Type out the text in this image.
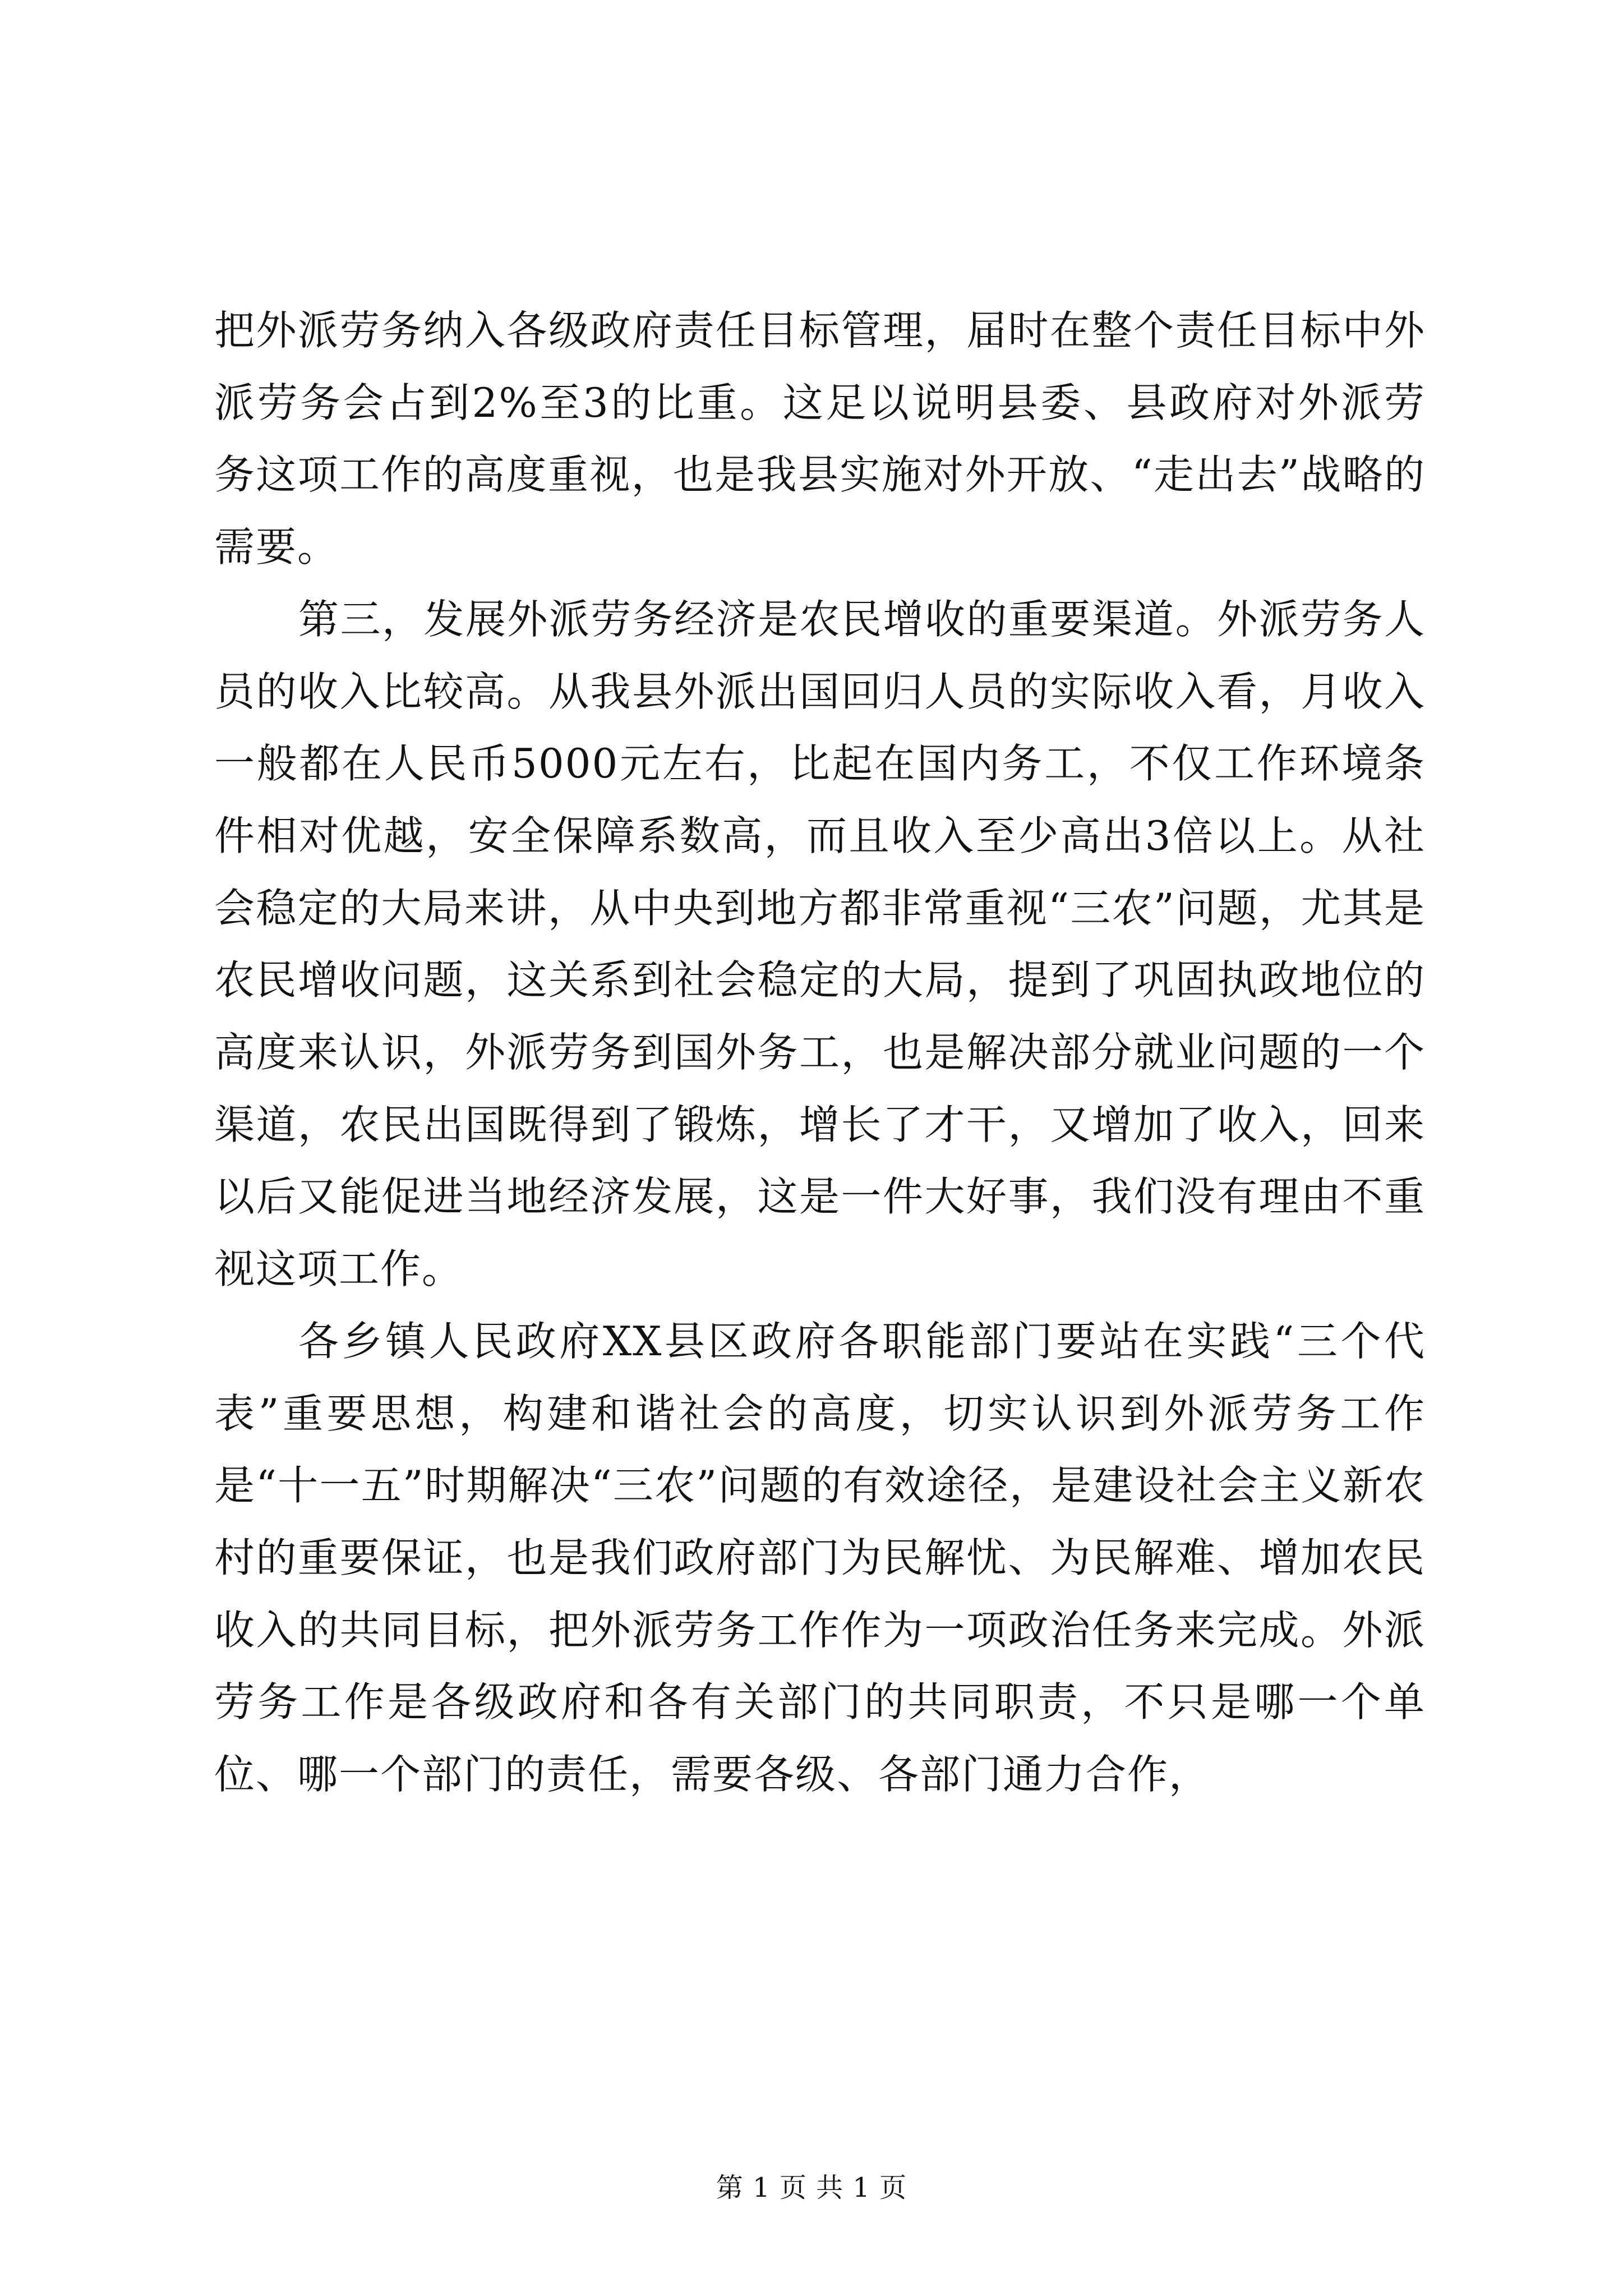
把外派劳务纳入各级政府责任目标管理，届时在整个责任目标中外派劳务会占到2%至3的比重。这足以说明县委、县政府对外派劳务这项工作的高度重视，也是我县实施对外开放、“走出去”战略的需要。

第三，发展外派劳务经济是农民增收的重要渠道。外派劳务人员的收入比较高。从我县外派出国回归人员的实际收入看，月收入一般都在人民币5000元左右，比起在国内务工，不仅工作环境条件相对优越，安全保障系数高，而且收入至少高出3倍以上。从社会稳定的大局来讲，从中央到地方都非常重视“三农”问题，尤其是农民增收问题，这关系到社会稳定的大局，提到了巩固执政地位的高度来认识，外派劳务到国外务工，也是解决部分就业问题的一个渠道，农民出国既得到了锻炼，增长了才干，又增加了收入，回来以后又能促进当地经济发展，这是一件大好事，我们没有理由不重视这项工作。

各乡镇人民政府XX县区政府各职能部门要站在实践“三个代表”重要思想，构建和谐社会的高度，切实认识到外派劳务工作是“十一五”时期解决“三农”问题的有效途径，是建设社会主义新农村的重要保证，也是我们政府部门为民解忧、为民解难、增加农民收入的共同目标，把外派劳务工作作为一项政治任务来完成。外派劳务工作是各级政府和各有关部门的共同职责，不只是哪一个单位、哪一个部门的责任，需要各级、各部门通力合作，

第 1 页 共 1 页
